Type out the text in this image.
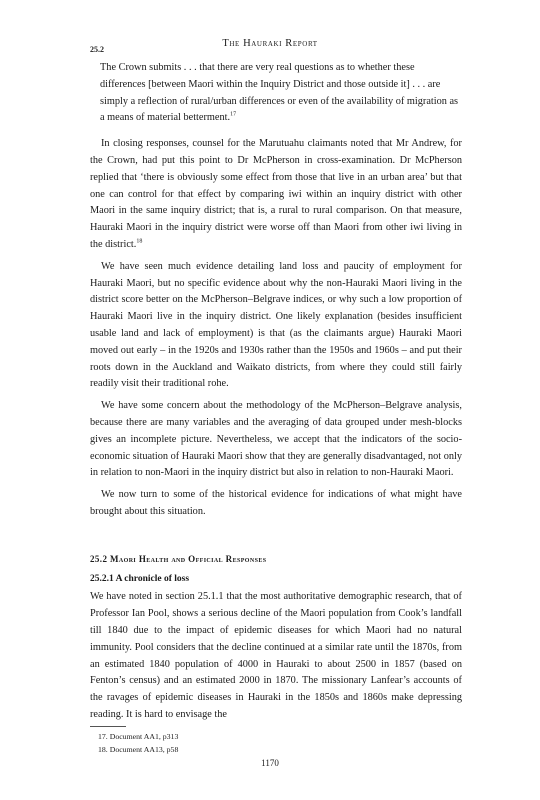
25.2
The Hauraki Report

The Crown submits . . . that there are very real questions as to whether these differences [between Maori within the Inquiry District and those outside it] . . . are simply a reflection of rural/urban differences or even of the availability of migration as a means of material betterment.$^{17}$

In closing responses, counsel for the Marutuahu claimants noted that Mr Andrew, for the Crown, had put this point to Dr McPherson in cross-examination. Dr McPherson replied that ‘there is obviously some effect from those that live in an urban area’ but that one can control for that effect by comparing iwi within an inquiry district with other Maori in the same inquiry district; that is, a rural to rural comparison. On that measure, Hauraki Maori in the inquiry district were worse off than Maori from other iwi living in the district.$^{18}$

We have seen much evidence detailing land loss and paucity of employment for Hauraki Maori, but no specific evidence about why the non-Hauraki Maori living in the district score better on the McPherson–Belgrave indices, or why such a low proportion of Hauraki Maori live in the inquiry district. One likely explanation (besides insufficient usable land and lack of employment) is that (as the claimants argue) Hauraki Maori moved out early – in the 1920s and 1930s rather than the 1950s and 1960s – and put their roots down in the Auckland and Waikato districts, from where they could still fairly readily visit their traditional rohe.

We have some concern about the methodology of the McPherson–Belgrave analysis, because there are many variables and the averaging of data grouped under mesh-blocks gives an incomplete picture. Nevertheless, we accept that the indicators of the socio-economic situation of Hauraki Maori show that they are generally disadvantaged, not only in relation to non-Maori in the inquiry district but also in relation to non-Hauraki Maori.

We now turn to some of the historical evidence for indications of what might have brought about this situation.

25.2 Maori Health and Official Responses
25.2.1 A chronicle of loss

We have noted in section 25.1.1 that the most authoritative demographic research, that of Professor Ian Pool, shows a serious decline of the Maori population from Cook’s landfall till 1840 due to the impact of epidemic diseases for which Maori had no natural immunity. Pool considers that the decline continued at a similar rate until the 1870s, from an estimated 1840 population of 4000 in Hauraki to about 2500 in 1857 (based on Fenton’s census) and an estimated 2000 in 1870. The missionary Lanfear’s accounts of the ravages of epidemic diseases in Hauraki in the 1850s and 1860s make depressing reading. It is hard to envisage the

17. Document AA1, p313
18. Document AA13, p58
1170
